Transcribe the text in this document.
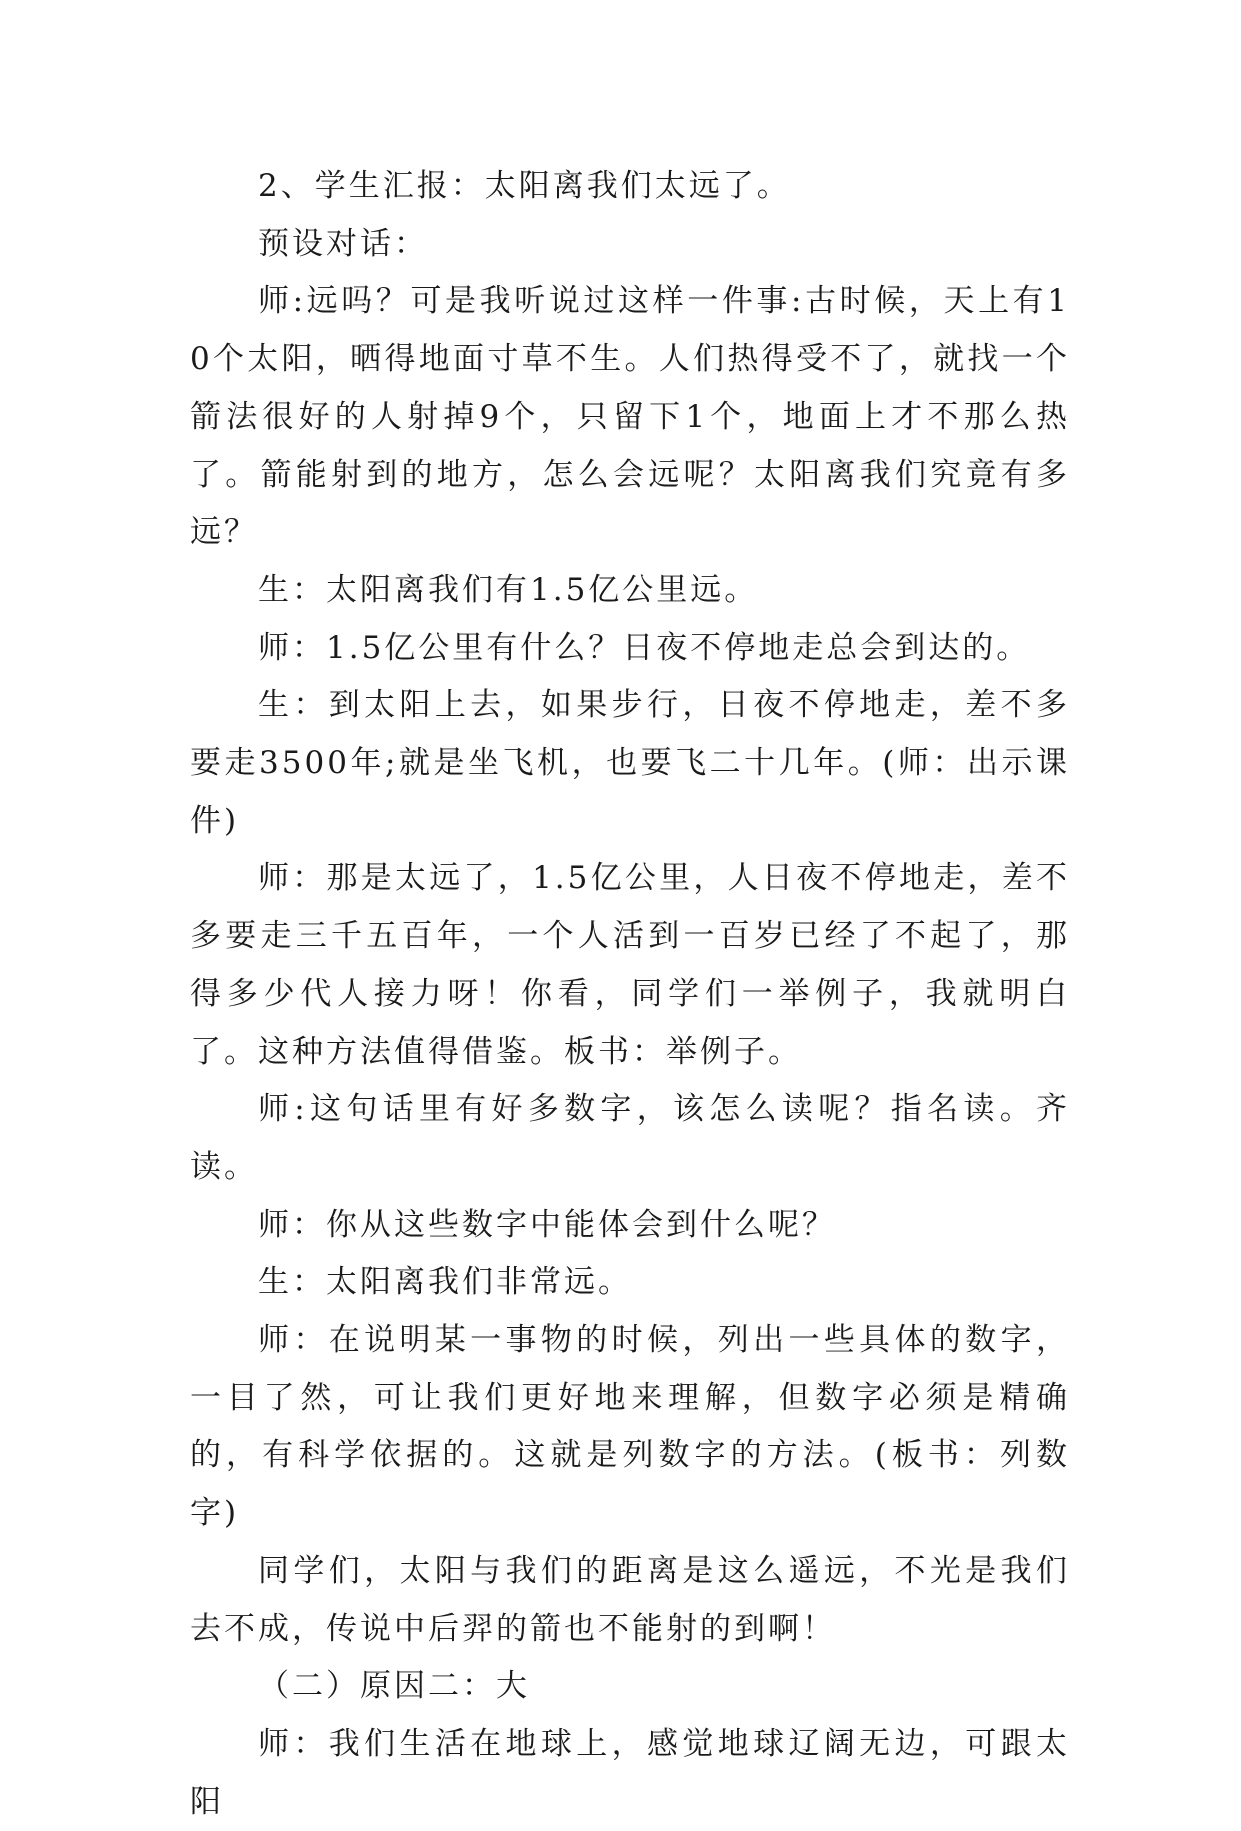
2、学生汇报：太阳离我们太远了。

预设对话：

师:远吗？可是我听说过这样一件事:古时候，天上有10个太阳，晒得地面寸草不生。人们热得受不了，就找一个箭法很好的人射掉9个，只留下1个，地面上才不那么热了。箭能射到的地方，怎么会远呢？太阳离我们究竟有多远？

生：太阳离我们有1.5亿公里远。

师：1.5亿公里有什么？日夜不停地走总会到达的。

生：到太阳上去，如果步行，日夜不停地走，差不多要走3500年;就是坐飞机，也要飞二十几年。(师：出示课件)

师：那是太远了，1.5亿公里，人日夜不停地走，差不多要走三千五百年，一个人活到一百岁已经了不起了，那得多少代人接力呀！你看，同学们一举例子，我就明白了。这种方法值得借鉴。板书：举例子。

师:这句话里有好多数字，该怎么读呢？指名读。齐读。

师：你从这些数字中能体会到什么呢？

生：太阳离我们非常远。

师：在说明某一事物的时候，列出一些具体的数字，一目了然，可让我们更好地来理解，但数字必须是精确的，有科学依据的。这就是列数字的方法。(板书：列数字)

同学们，太阳与我们的距离是这么遥远，不光是我们去不成，传说中后羿的箭也不能射的到啊！

（二）原因二：大

师：我们生活在地球上，感觉地球辽阔无边，可跟太阳
